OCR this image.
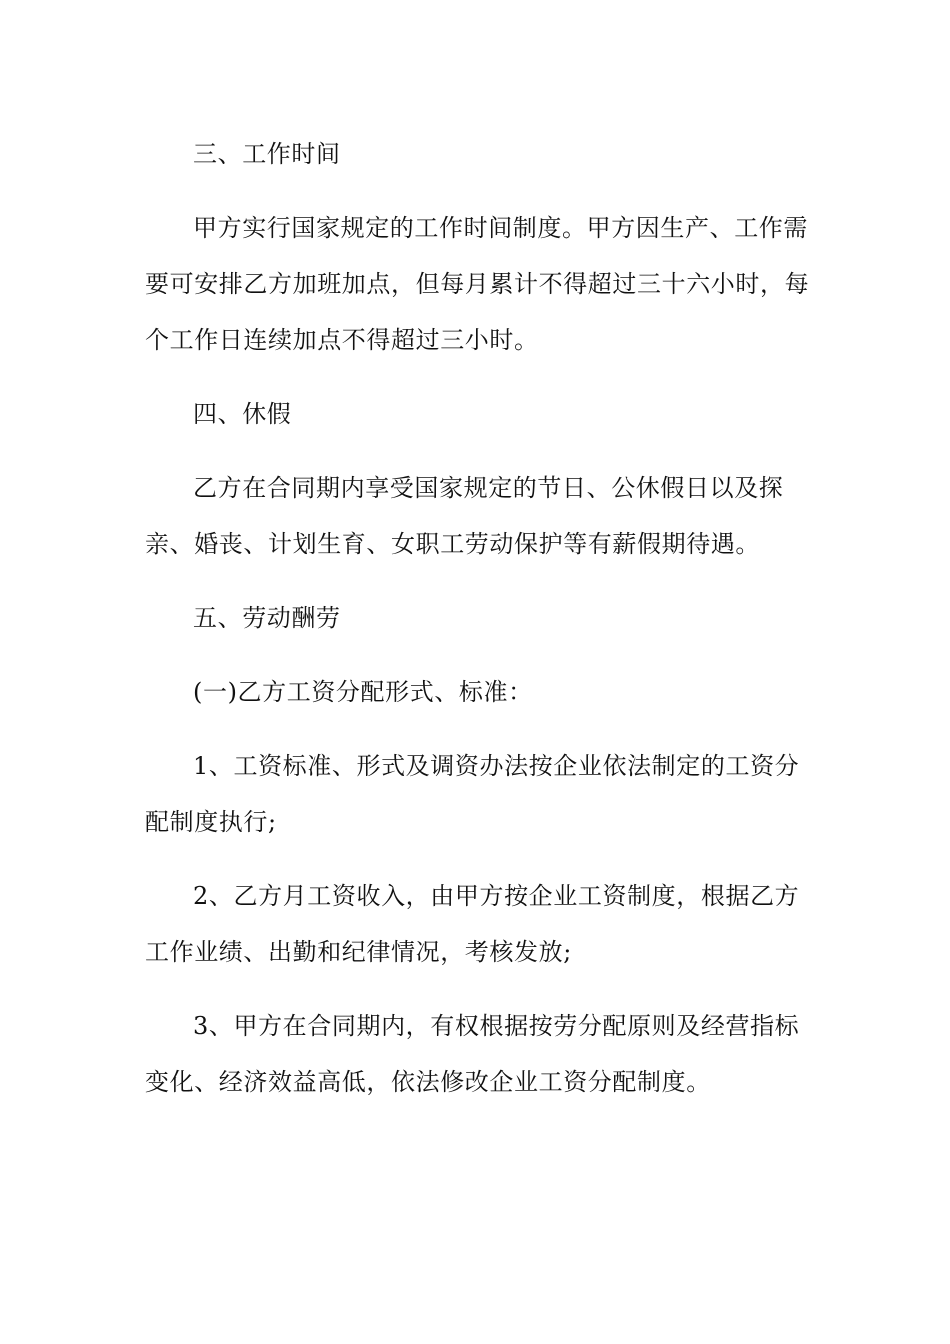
三、工作时间

甲方实行国家规定的工作时间制度。甲方因生产、工作需要可安排乙方加班加点，但每月累计不得超过三十六小时，每个工作日连续加点不得超过三小时。

四、休假

乙方在合同期内享受国家规定的节日、公休假日以及探亲、婚丧、计划生育、女职工劳动保护等有薪假期待遇。

五、劳动酬劳

(一)乙方工资分配形式、标准：

1、工资标准、形式及调资办法按企业依法制定的工资分配制度执行;

2、乙方月工资收入，由甲方按企业工资制度，根据乙方工作业绩、出勤和纪律情况，考核发放;

3、甲方在合同期内，有权根据按劳分配原则及经营指标变化、经济效益高低，依法修改企业工资分配制度。
